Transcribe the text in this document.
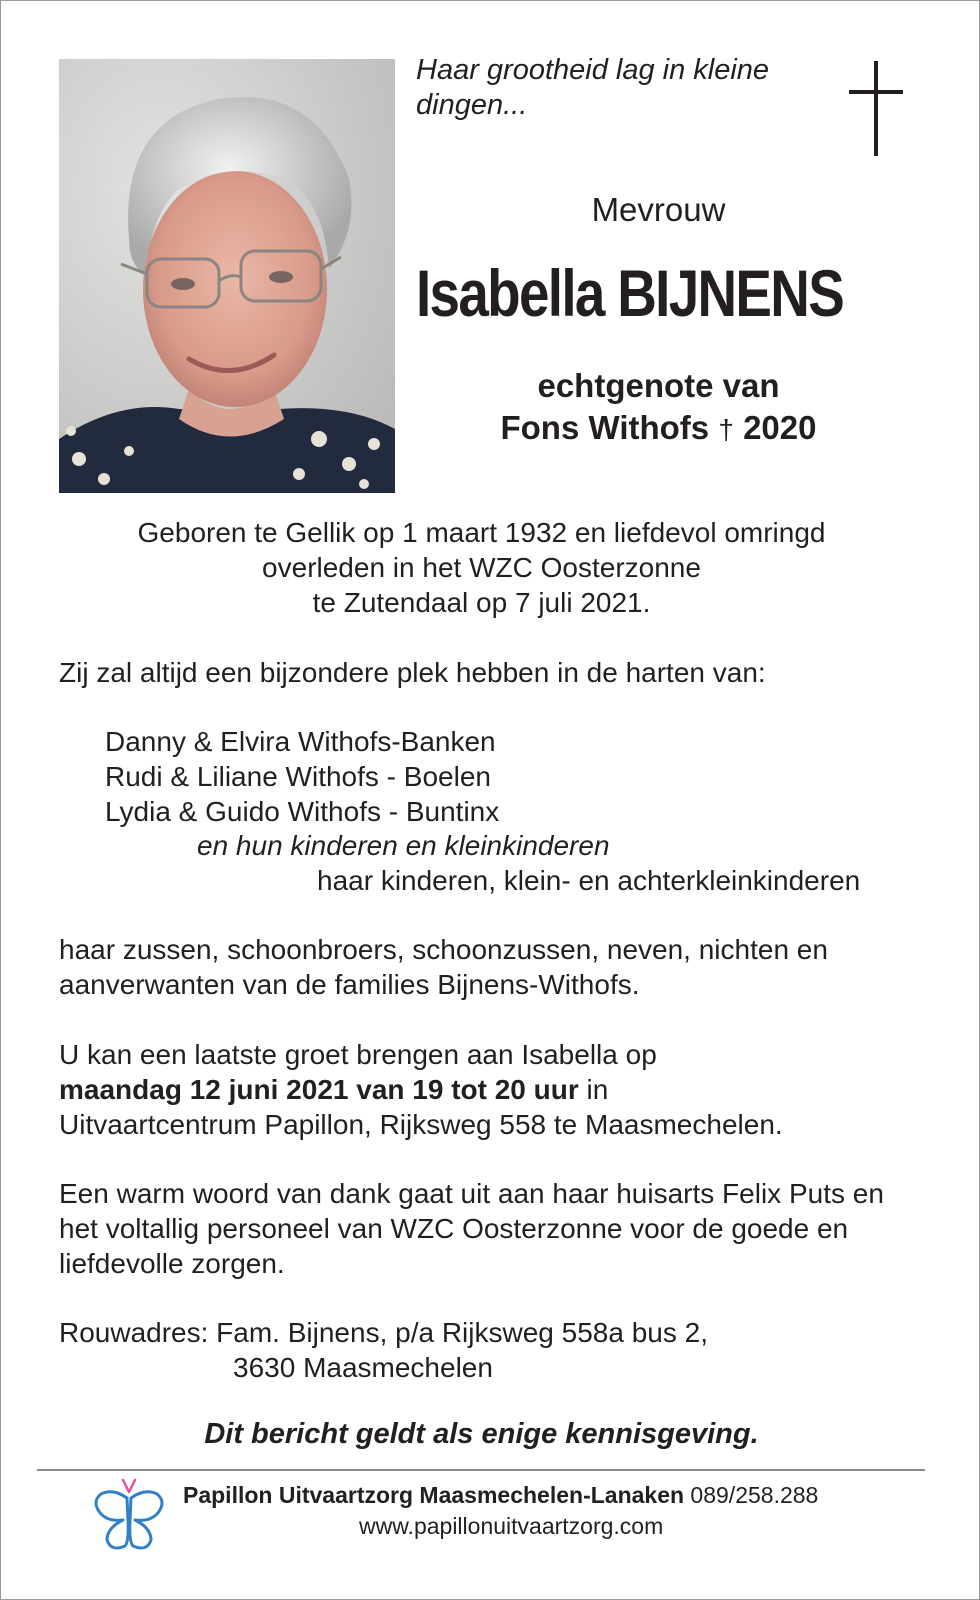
Haar grootheid lag in kleine
dingen...
Mevrouw
Isabella BIJNENS
echtgenote van
Fons Withofs † 2020
Geboren te Gellik op 1 maart 1932 en liefdevol omringd
overleden in het WZC Oosterzonne
te Zutendaal op 7 juli 2021.
Zij zal altijd een bijzondere plek hebben in de harten van:
Danny & Elvira Withofs-Banken
Rudi & Liliane Withofs - Boelen
Lydia & Guido Withofs - Buntinx
en hun kinderen en kleinkinderen
haar kinderen, klein- en achterkleinkinderen
haar zussen, schoonbroers, schoonzussen, neven, nichten en aanverwanten van de families Bijnens-Withofs.
U kan een laatste groet brengen aan Isabella op
maandag 12 juni 2021 van 19 tot 20 uur in
Uitvaartcentrum Papillon, Rijksweg 558 te Maasmechelen.
Een warm woord van dank gaat uit aan haar huisarts Felix Puts en het voltallig personeel van WZC Oosterzonne voor de goede en liefdevolle zorgen.
Rouwadres: Fam. Bijnens, p/a Rijksweg 558a bus 2,
3630 Maasmechelen
Dit bericht geldt als enige kennisgeving.
Papillon Uitvaartzorg Maasmechelen-Lanaken 089/258.288
www.papillonuitvaartzorg.com
